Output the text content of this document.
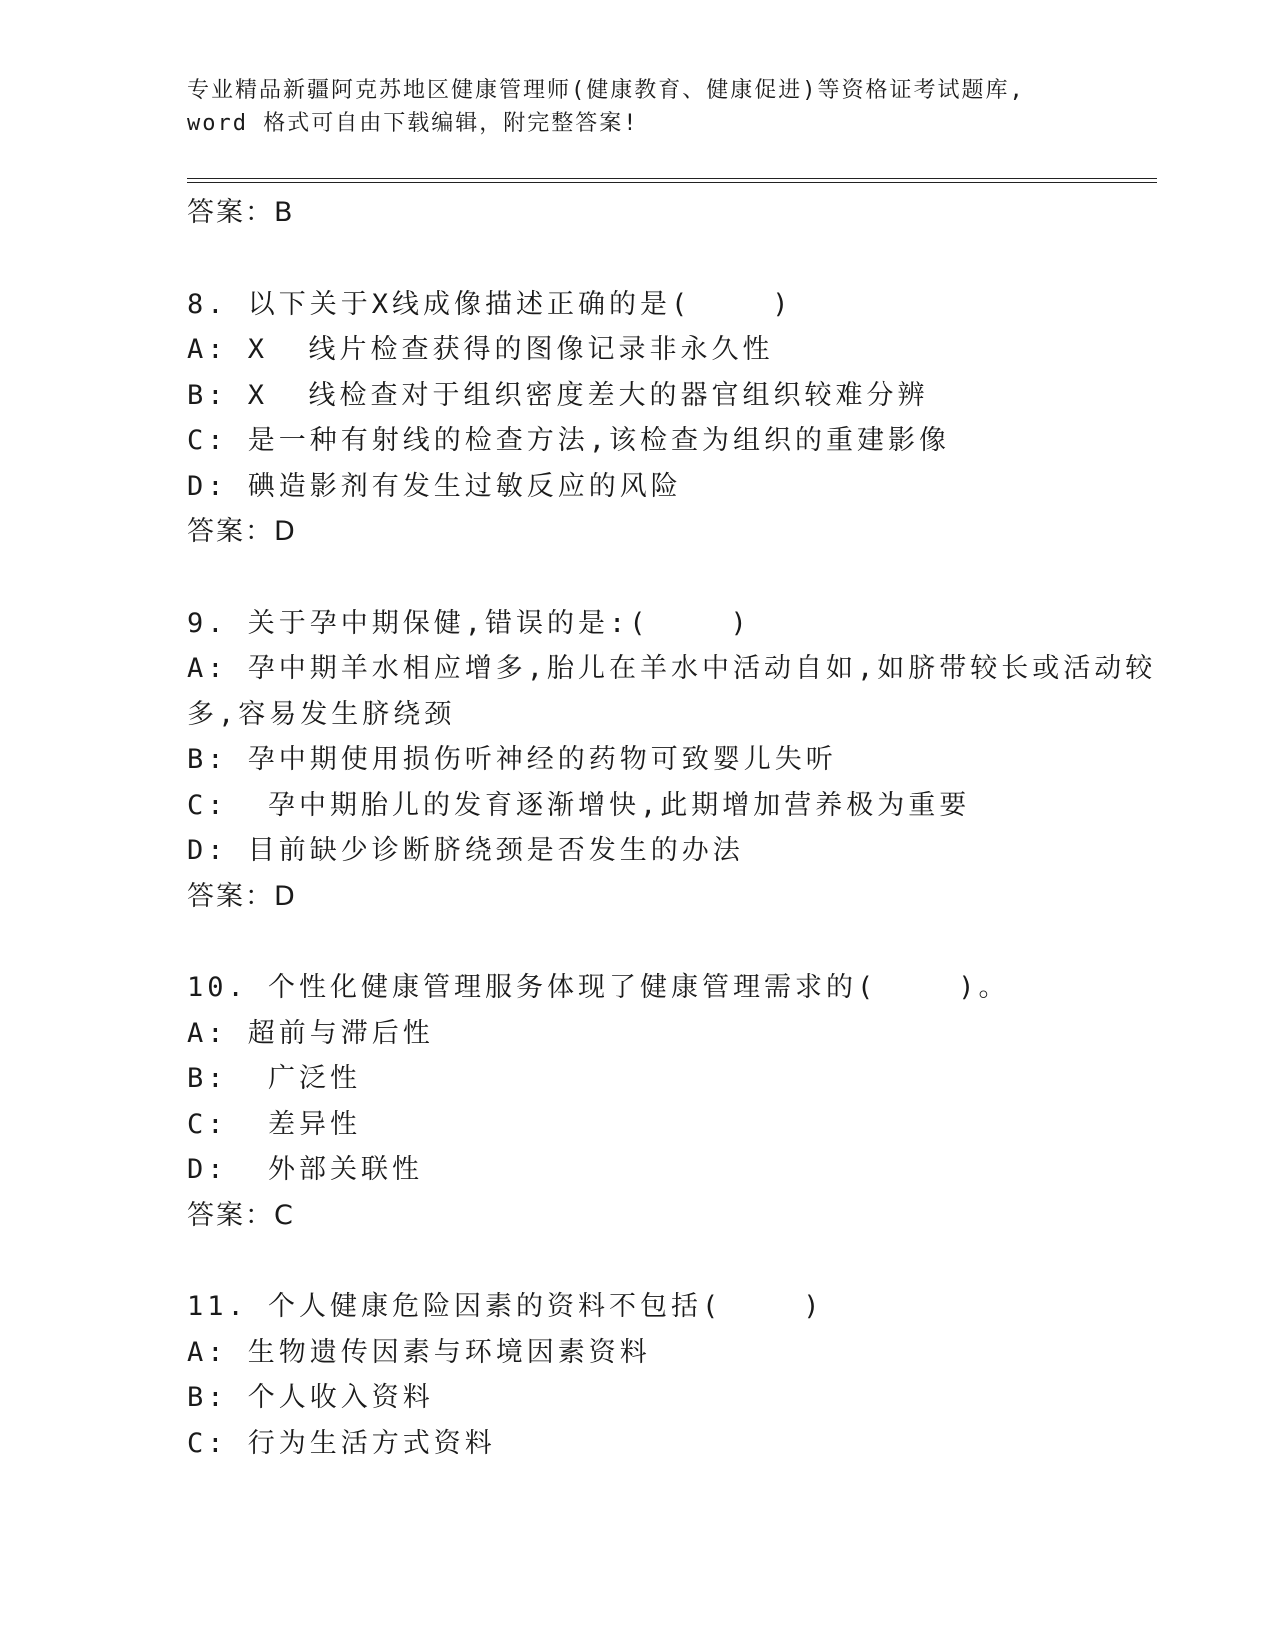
专业精品新疆阿克苏地区健康管理师(健康教育、健康促进)等资格证考试题库,
word 格式可自由下载编辑，附完整答案!

答案：B

8. 以下关于X线成像描述正确的是(    )

A: X  线片检查获得的图像记录非永久性

B: X  线检查对于组织密度差大的器官组织较难分辨

C: 是一种有射线的检查方法,该检查为组织的重建影像

D: 碘造影剂有发生过敏反应的风险

答案：D

9. 关于孕中期保健,错误的是:(    )

A: 孕中期羊水相应增多,胎儿在羊水中活动自如,如脐带较长或活动较

多,容易发生脐绕颈

B: 孕中期使用损伤听神经的药物可致婴儿失听

C:  孕中期胎儿的发育逐渐增快,此期增加营养极为重要

D: 目前缺少诊断脐绕颈是否发生的办法

答案：D

10. 个性化健康管理服务体现了健康管理需求的(    )。

A: 超前与滞后性

B:  广泛性

C:  差异性

D:  外部关联性

答案：C

11. 个人健康危险因素的资料不包括(    )

A: 生物遗传因素与环境因素资料

B: 个人收入资料

C: 行为生活方式资料
